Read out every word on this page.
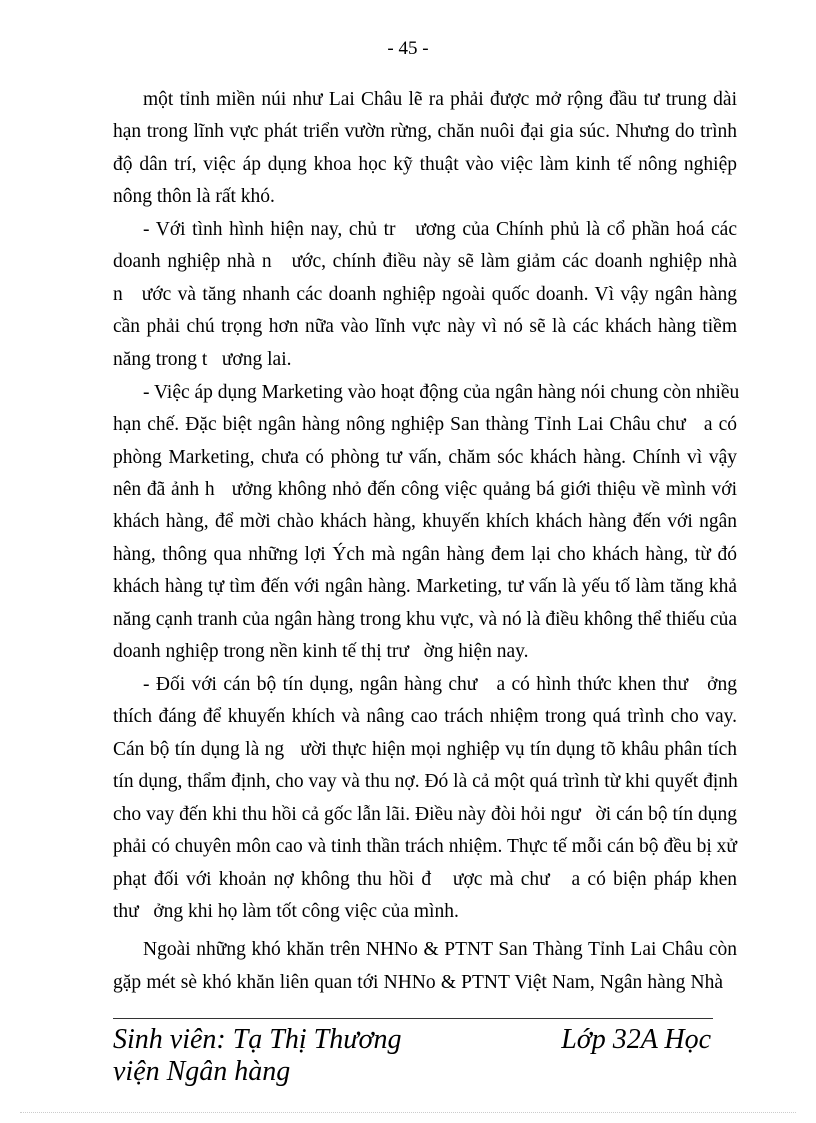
- 45 -
một tỉnh miền núi như Lai Châu lẽ ra phải được mở rộng đầu tư trung dài
hạn trong lĩnh vực phát triển vườn rừng, chăn nuôi đại gia súc. Nhưng do trình
độ dân trí, việc áp dụng khoa học kỹ thuật vào việc làm kinh tế nông nghiệp
nông thôn là rất khó.
- Với tình hình hiện nay, chủ tr   ương của Chính phủ là cổ phần hoá các
doanh nghiệp nhà n   ước, chính điều này sẽ làm giảm các doanh nghiệp nhà
n   ước và tăng nhanh các doanh nghiệp ngoài quốc doanh. Vì vậy ngân hàng
cần phải chú trọng hơn nữa vào lĩnh vực này vì nó sẽ là các khách hàng tiềm
năng trong t   ương lai.
- Việc áp dụng Marketing vào hoạt động của ngân hàng nói chung còn nhiều
hạn chế. Đặc biệt ngân hàng nông nghiệp San thàng Tỉnh Lai Châu chư   a có
phòng Marketing, chưa có phòng tư vấn, chăm sóc khách hàng. Chính vì vậy
nên đã ảnh h   ưởng không nhỏ đến công việc quảng bá giới thiệu về mình với
khách hàng, để mời chào khách hàng, khuyến khích khách hàng đến với ngân
hàng, thông qua những lợi Ých mà ngân hàng đem lại cho khách hàng, từ đó
khách hàng tự tìm đến với ngân hàng. Marketing, tư vấn là yếu tố làm tăng khả
năng cạnh tranh của ngân hàng trong khu vực, và nó là điều không thể thiếu của
doanh nghiệp trong nền kinh tế thị trư   ờng hiện nay.
- Đối với cán bộ tín dụng, ngân hàng chư   a có hình thức khen thư   ởng
thích đáng để khuyến khích và nâng cao trách nhiệm trong quá trình cho vay.
Cán bộ tín dụng là ng   ười thực hiện mọi nghiệp vụ tín dụng tõ khâu phân tích
tín dụng, thẩm định, cho vay và thu nợ. Đó là cả một quá trình từ khi quyết định
cho vay đến khi thu hồi cả gốc lẫn lãi. Điều này đòi hỏi ngư   ời cán bộ tín dụng
phải có chuyên môn cao và tinh thần trách nhiệm. Thực tế mỗi cán bộ đều bị xử
phạt đối với khoản nợ không thu hồi đ   ược mà chư   a có biện pháp khen
thư   ởng khi họ làm tốt công việc của mình.
Ngoài những khó khăn trên NHNo & PTNT San Thàng Tỉnh Lai Châu còn
gặp mét sè khó khăn liên quan tới NHNo & PTNT Việt Nam, Ngân hàng Nhà
Sinh viên: Tạ Thị Thương	Lớp 32A Học
viện Ngân hàng
